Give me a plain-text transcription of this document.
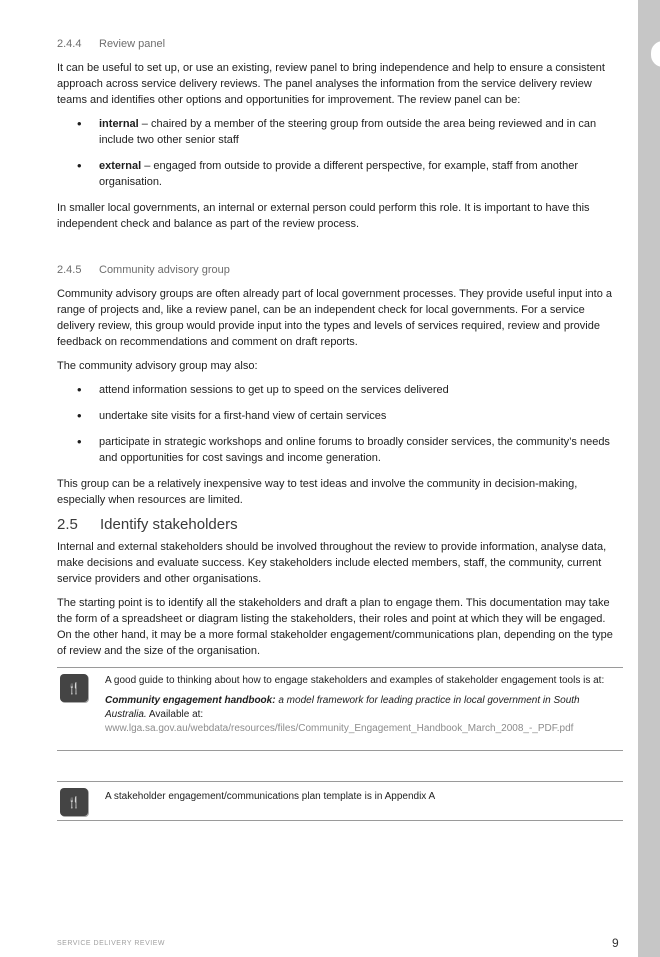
2.4.4 Review panel

It can be useful to set up, or use an existing, review panel to bring independence and help to ensure a consistent approach across service delivery reviews. The panel analyses the information from the service delivery review teams and identifies other options and opportunities for improvement. The review panel can be:

• internal – chaired by a member of the steering group from outside the area being reviewed and in can include two other senior staff
• external – engaged from outside to provide a different perspective, for example, staff from another organisation.

In smaller local governments, an internal or external person could perform this role. It is important to have this independent check and balance as part of the review process.

2.4.5 Community advisory group

Community advisory groups are often already part of local government processes. They provide useful input into a range of projects and, like a review panel, can be an independent check for local governments. For a service delivery review, this group would provide input into the types and levels of services required, review and provide feedback on recommendations and comment on draft reports.

The community advisory group may also:

• attend information sessions to get up to speed on the services delivered
• undertake site visits for a first-hand view of certain services
• participate in strategic workshops and online forums to broadly consider services, the community’s needs and opportunities for cost savings and income generation.

This group can be a relatively inexpensive way to test ideas and involve the community in decision-making, especially when resources are limited.

2.5 Identify stakeholders

Internal and external stakeholders should be involved throughout the review to provide information, analyse data, make decisions and evaluate success. Key stakeholders include elected members, staff, the community, current service providers and other organisations.

The starting point is to identify all the stakeholders and draft a plan to engage them. This documentation may take the form of a spreadsheet or diagram listing the stakeholders, their roles and point at which they will be engaged. On the other hand, it may be a more formal stakeholder engagement/communications plan, depending on the type of review and the size of the organisation.

🍴

A good guide to thinking about how to engage stakeholders and examples of stakeholder engagement tools is at:

Community engagement handbook: a model framework for leading practice in local government in South Australia. Available at:
www.lga.sa.gov.au/webdata/resources/files/Community_Engagement_Handbook_March_2008_-_PDF.pdf

🍴	A stakeholder engagement/communications plan template is in Appendix A

SERVICE DELIVERY REVIEW	9
